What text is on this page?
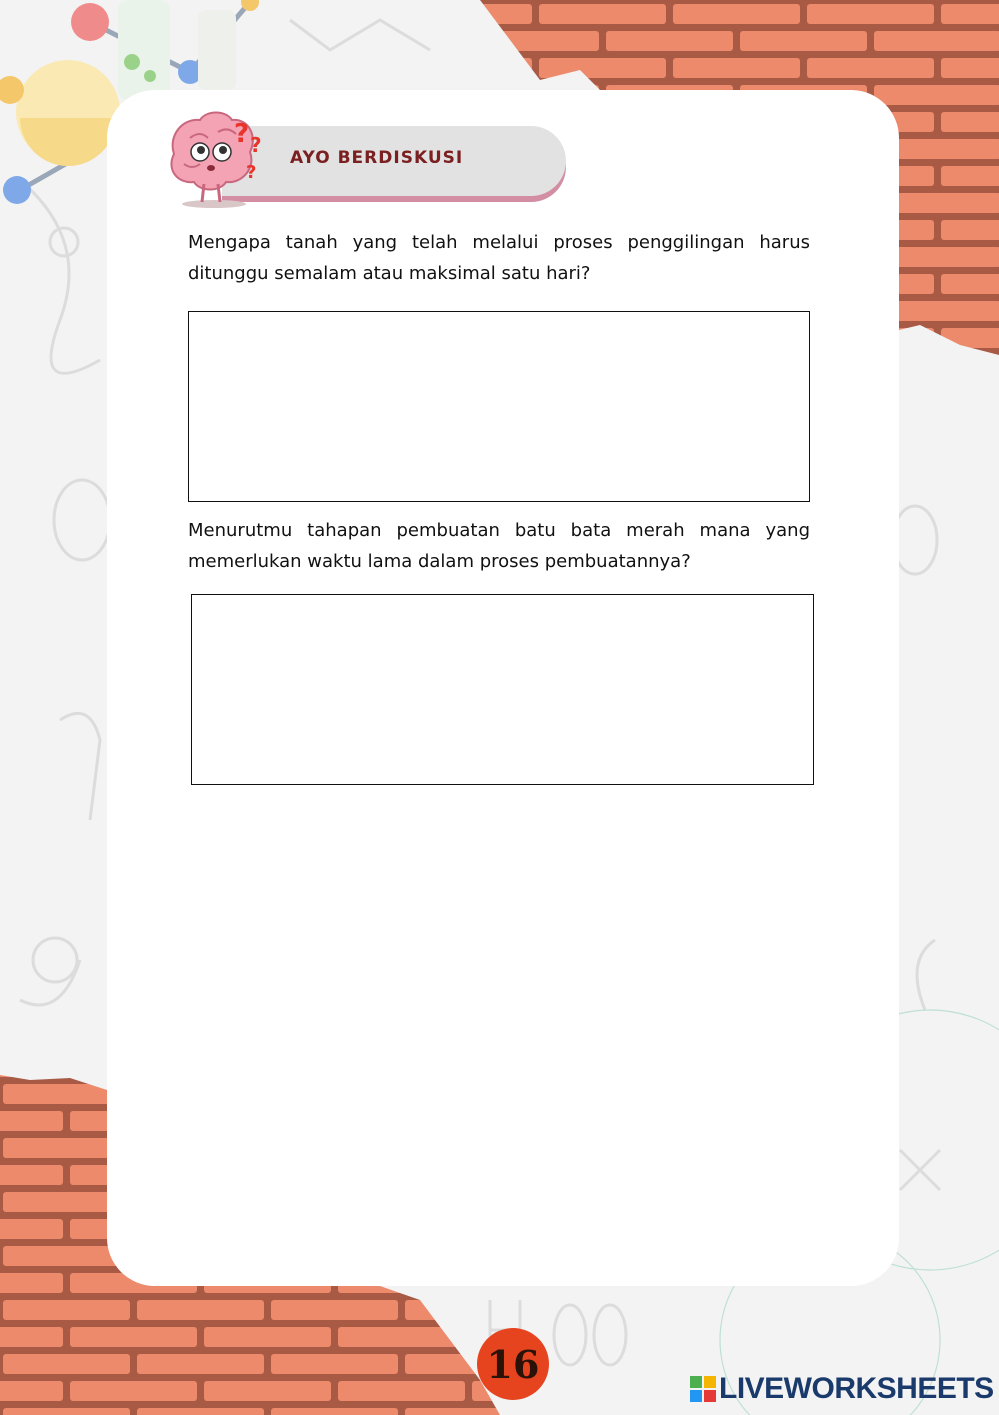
? ?
?
AYO BERDISKUSI
Mengapa tanah yang telah melalui proses penggilingan harus ditunggu semalam atau maksimal satu hari?
Menurutmu tahapan pembuatan batu bata merah mana yang memerlukan waktu lama dalam proses pembuatannya?
16
LIVEWORKSHEETS
